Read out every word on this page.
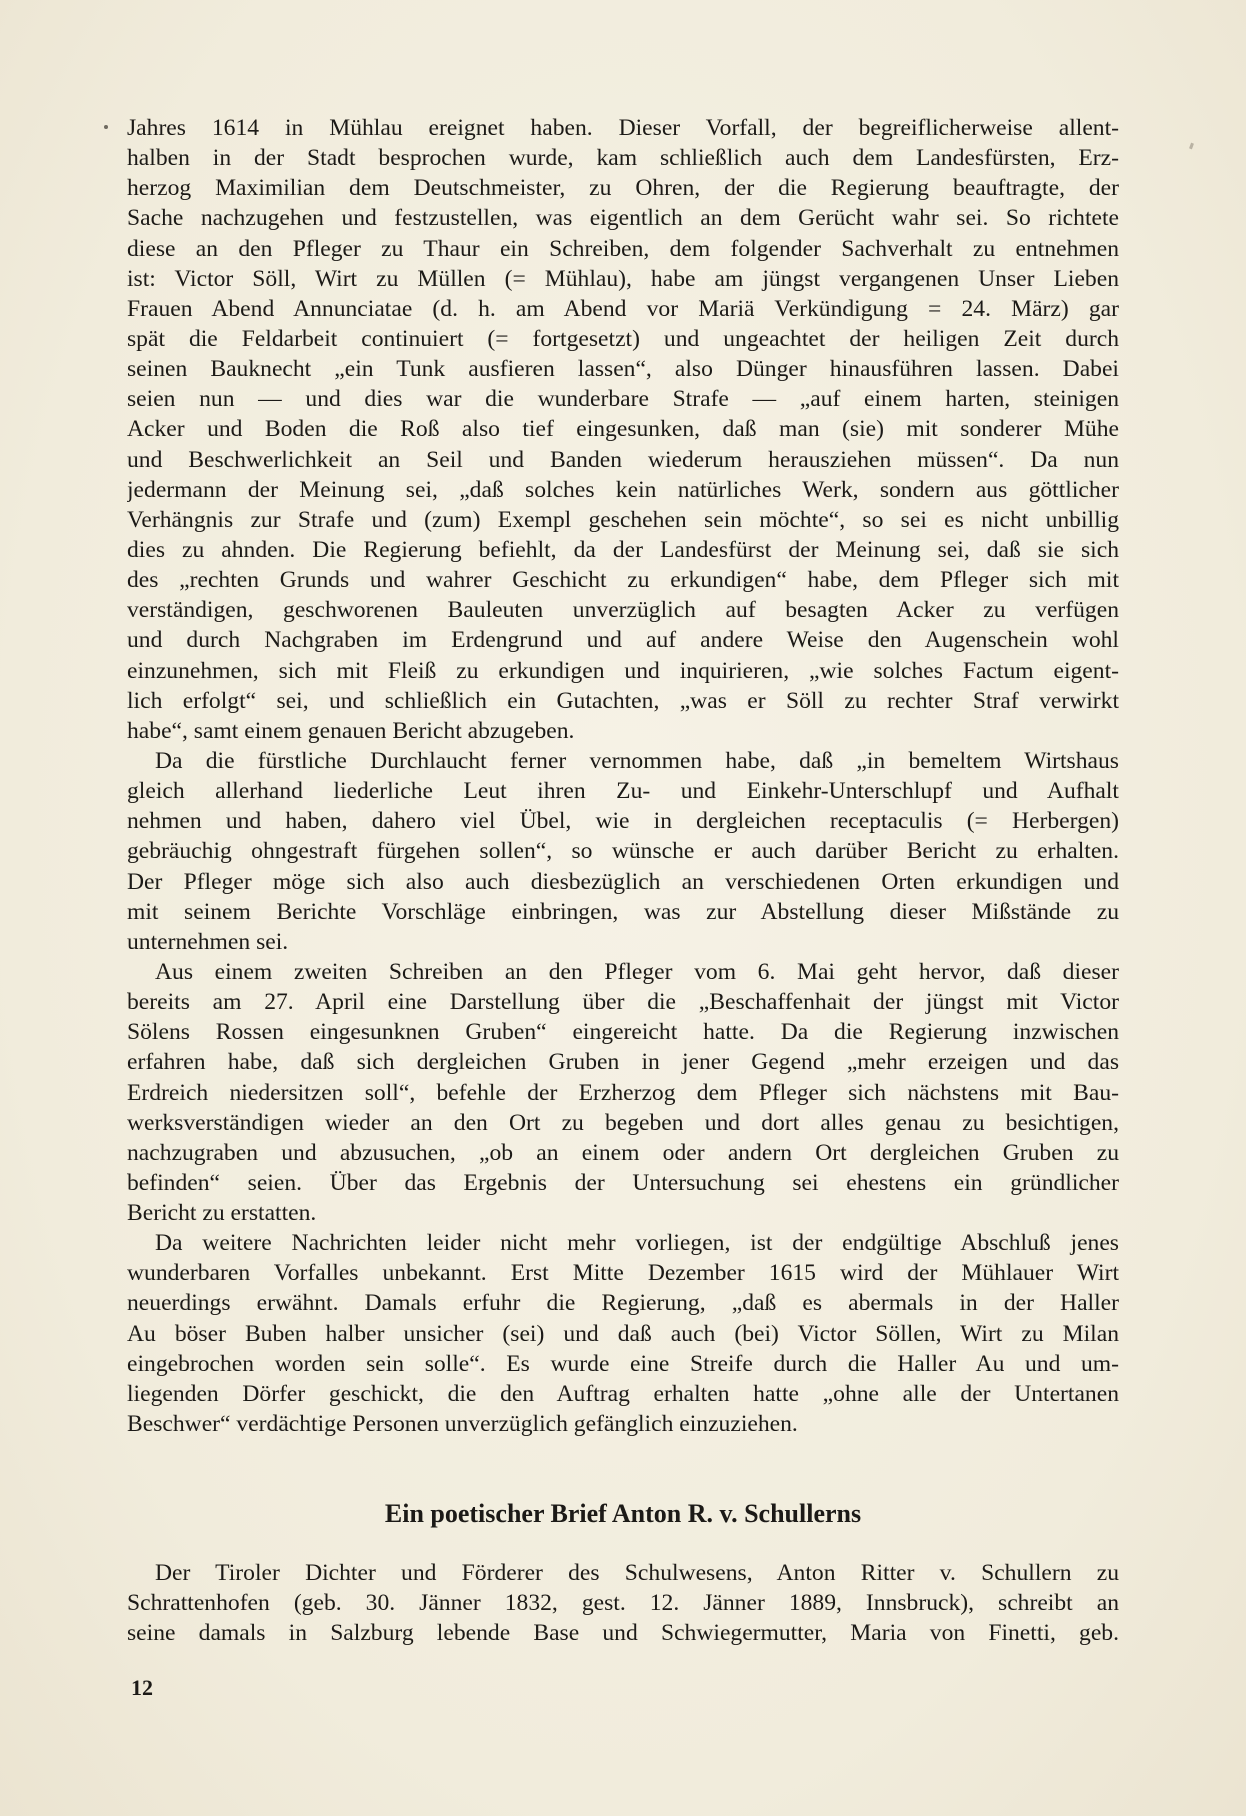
Jahres 1614 in Mühlau ereignet haben. Dieser Vorfall, der begreiflicherweise allent-
halben in der Stadt besprochen wurde, kam schließlich auch dem Landesfürsten, Erz-
herzog Maximilian dem Deutschmeister, zu Ohren, der die Regierung beauftragte, der
Sache nachzugehen und festzustellen, was eigentlich an dem Gerücht wahr sei. So richtete
diese an den Pfleger zu Thaur ein Schreiben, dem folgender Sachverhalt zu entnehmen
ist: Victor Söll, Wirt zu Müllen (= Mühlau), habe am jüngst vergangenen Unser Lieben
Frauen Abend Annunciatae (d. h. am Abend vor Mariä Verkündigung = 24. März) gar
spät die Feldarbeit continuiert (= fortgesetzt) und ungeachtet der heiligen Zeit durch
seinen Bauknecht „ein Tunk ausfieren lassen“, also Dünger hinausführen lassen. Dabei
seien nun — und dies war die wunderbare Strafe — „auf einem harten, steinigen
Acker und Boden die Roß also tief eingesunken, daß man (sie) mit sonderer Mühe
und Beschwerlichkeit an Seil und Banden wiederum herausziehen müssen“. Da nun
jedermann der Meinung sei, „daß solches kein natürliches Werk, sondern aus göttlicher
Verhängnis zur Strafe und (zum) Exempl geschehen sein möchte“, so sei es nicht unbillig
dies zu ahnden. Die Regierung befiehlt, da der Landesfürst der Meinung sei, daß sie sich
des „rechten Grunds und wahrer Geschicht zu erkundigen“ habe, dem Pfleger sich mit
verständigen, geschworenen Bauleuten unverzüglich auf besagten Acker zu verfügen
und durch Nachgraben im Erdengrund und auf andere Weise den Augenschein wohl
einzunehmen, sich mit Fleiß zu erkundigen und inquirieren, „wie solches Factum eigent-
lich erfolgt“ sei, und schließlich ein Gutachten, „was er Söll zu rechter Straf verwirkt
habe“, samt einem genauen Bericht abzugeben.
Da die fürstliche Durchlaucht ferner vernommen habe, daß „in bemeltem Wirtshaus
gleich allerhand liederliche Leut ihren Zu- und Einkehr-Unterschlupf und Aufhalt
nehmen und haben, dahero viel Übel, wie in dergleichen receptaculis (= Herbergen)
gebräuchig ohngestraft fürgehen sollen“, so wünsche er auch darüber Bericht zu erhalten.
Der Pfleger möge sich also auch diesbezüglich an verschiedenen Orten erkundigen und
mit seinem Berichte Vorschläge einbringen, was zur Abstellung dieser Mißstände zu
unternehmen sei.
Aus einem zweiten Schreiben an den Pfleger vom 6. Mai geht hervor, daß dieser
bereits am 27. April eine Darstellung über die „Beschaffenhait der jüngst mit Victor
Sölens Rossen eingesunknen Gruben“ eingereicht hatte. Da die Regierung inzwischen
erfahren habe, daß sich dergleichen Gruben in jener Gegend „mehr erzeigen und das
Erdreich niedersitzen soll“, befehle der Erzherzog dem Pfleger sich nächstens mit Bau-
werksverständigen wieder an den Ort zu begeben und dort alles genau zu besichtigen,
nachzugraben und abzusuchen, „ob an einem oder andern Ort dergleichen Gruben zu
befinden“ seien. Über das Ergebnis der Untersuchung sei ehestens ein gründlicher
Bericht zu erstatten.
Da weitere Nachrichten leider nicht mehr vorliegen, ist der endgültige Abschluß jenes
wunderbaren Vorfalles unbekannt. Erst Mitte Dezember 1615 wird der Mühlauer Wirt
neuerdings erwähnt. Damals erfuhr die Regierung, „daß es abermals in der Haller
Au böser Buben halber unsicher (sei) und daß auch (bei) Victor Söllen, Wirt zu Milan
eingebrochen worden sein solle“. Es wurde eine Streife durch die Haller Au und um-
liegenden Dörfer geschickt, die den Auftrag erhalten hatte „ohne alle der Untertanen
Beschwer“ verdächtige Personen unverzüglich gefänglich einzuziehen.
Ein poetischer Brief Anton R. v. Schullerns
Der Tiroler Dichter und Förderer des Schulwesens, Anton Ritter v. Schullern zu
Schrattenhofen (geb. 30. Jänner 1832, gest. 12. Jänner 1889, Innsbruck), schreibt an
seine damals in Salzburg lebende Base und Schwiegermutter, Maria von Finetti, geb.
12
